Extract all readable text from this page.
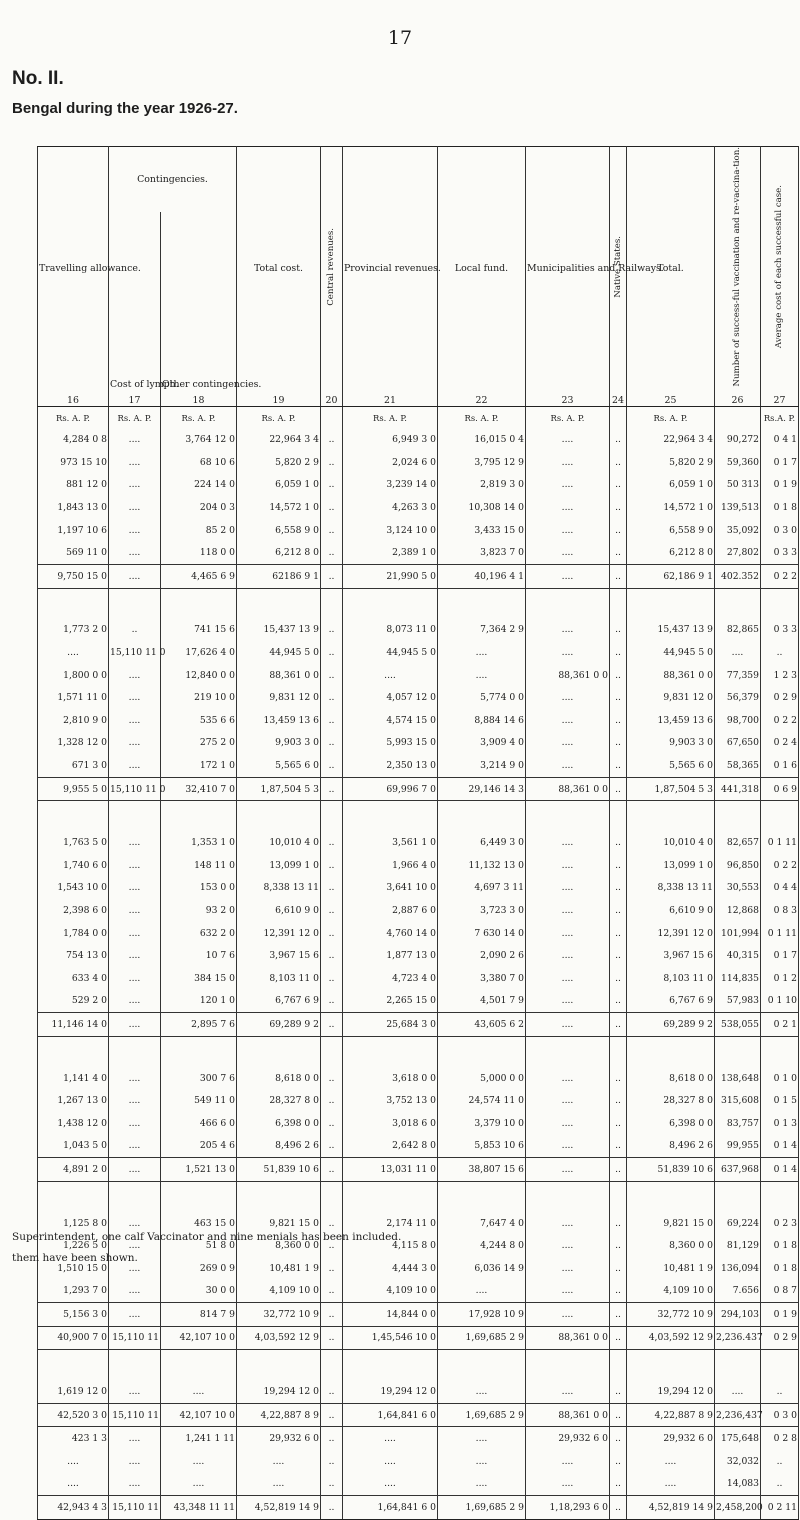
17
No. II.
Bengal during the year 1926-27.
Travelling allowance.	Contingencies.		Total cost.	Central revenues.	Provincial revenues.	Local fund.	Municipalities and Railways.	Native States.	Total.	Number of success-ful vaccination and re-vaccina-tion.	Average cost of each successful case.
	Cost of lymph.	Other contingencies.									
16	17	18	19	20	21	22	23	24	25	26	27
Rs. A. P.	Rs. A. P.	Rs. A. P.	Rs. A. P.		Rs. A. P.	Rs. A. P.	Rs. A. P.		Rs. A. P.		Rs.A. P.
4,284 0 8	....	3,764 12 0	22,964 3 4	..	6,949 3 0	16,015 0 4	....	..	22,964 3 4	90,272	0 4 1
973 15 10	....	68 10 6	5,820 2 9	..	2,024 6 0	3,795 12 9	....	..	5,820 2 9	59,360	0 1 7
881 12 0	....	224 14 0	6,059 1 0	..	3,239 14 0	2,819 3 0	....	..	6,059 1 0	50 313	0 1 9
1,843 13 0	....	204 0 3	14,572 1 0	..	4,263 3 0	10,308 14 0	....	..	14,572 1 0	139,513	0 1 8
1,197 10 6	....	85 2 0	6,558 9 0	..	3,124 10 0	3,433 15 0	....	..	6,558 9 0	35,092	0 3 0
569 11 0	....	118 0 0	6,212 8 0	..	2,389 1 0	3,823 7 0	....	..	6,212 8 0	27,802	0 3 3
9,750 15 0	....	4,465 6 9	62186 9 1	..	21,990 5 0	40,196 4 1	....	..	62,186 9 1	402.352	0 2 2

1,773 2 0	..	741 15 6	15,437 13 9	..	8,073 11 0	7,364 2 9	....	..	15,437 13 9	82,865	0 3 3
....	15,110 11 0	17,626 4 0	44,945 5 0	..	44,945 5 0	....	....	..	44,945 5 0	....	..
1,800 0 0	....	12,840 0 0	88,361 0 0	..	....	....	88,361 0 0	..	88,361 0 0	77,359	1 2 3
1,571 11 0	....	219 10 0	9,831 12 0	..	4,057 12 0	5,774 0 0	....	..	9,831 12 0	56,379	0 2 9
2,810 9 0	....	535 6 6	13,459 13 6	..	4,574 15 0	8,884 14 6	....	..	13,459 13 6	98,700	0 2 2
1,328 12 0	....	275 2 0	9,903 3 0	..	5,993 15 0	3,909 4 0	....	..	9,903 3 0	67,650	0 2 4
671 3 0	....	172 1 0	5,565 6 0	..	2,350 13 0	3,214 9 0	....	..	5,565 6 0	58,365	0 1 6
9,955 5 0	15,110 11 0	32,410 7 0	1,87,504 5 3	..	69,996 7 0	29,146 14 3	88,361 0 0	..	1,87,504 5 3	441,318	0 6 9

1,763 5 0	....	1,353 1 0	10,010 4 0	..	3,561 1 0	6,449 3 0	....	..	10,010 4 0	82,657	0 1 11
1,740 6 0	....	148 11 0	13,099 1 0	..	1,966 4 0	11,132 13 0	....	..	13,099 1 0	96,850	0 2 2
1,543 10 0	....	153 0 0	8,338 13 11	..	3,641 10 0	4,697 3 11	....	..	8,338 13 11	30,553	0 4 4
2,398 6 0	....	93 2 0	6,610 9 0	..	2,887 6 0	3,723 3 0	....	..	6,610 9 0	12,868	0 8 3
1,784 0 0	....	632 2 0	12,391 12 0	..	4,760 14 0	7 630 14 0	....	..	12,391 12 0	101,994	0 1 11
754 13 0	....	10 7 6	3,967 15 6	..	1,877 13 0	2,090 2 6	....	..	3,967 15 6	40,315	0 1 7
633 4 0	....	384 15 0	8,103 11 0	..	4,723 4 0	3,380 7 0	....	..	8,103 11 0	114,835	0 1 2
529 2 0	....	120 1 0	6,767 6 9	..	2,265 15 0	4,501 7 9	....	..	6,767 6 9	57,983	0 1 10
11,146 14 0	....	2,895 7 6	69,289 9 2	..	25,684 3 0	43,605 6 2	....	..	69,289 9 2	538,055	0 2 1

1,141 4 0	....	300 7 6	8,618 0 0	..	3,618 0 0	5,000 0 0	....	..	8,618 0 0	138,648	0 1 0
1,267 13 0	....	549 11 0	28,327 8 0	..	3,752 13 0	24,574 11 0	....	..	28,327 8 0	315,608	0 1 5
1,438 12 0	....	466 6 0	6,398 0 0	..	3,018 6 0	3,379 10 0	....	..	6,398 0 0	83,757	0 1 3
1,043 5 0	....	205 4 6	8,496 2 6	..	2,642 8 0	5,853 10 6	....	..	8,496 2 6	99,955	0 1 4
4,891 2 0	....	1,521 13 0	51,839 10 6	..	13,031 11 0	38,807 15 6	....	..	51,839 10 6	637,968	0 1 4

1,125 8 0	....	463 15 0	9,821 15 0	..	2,174 11 0	7,647 4 0	....	..	9,821 15 0	69,224	0 2 3
1,226 5 0	....	51 8 0	8,360 0 0	..	4,115 8 0	4,244 8 0	....	..	8,360 0 0	81,129	0 1 8
1,510 15 0	....	269 0 9	10,481 1 9	..	4,444 3 0	6,036 14 9	....	..	10,481 1 9	136,094	0 1 8
1,293 7 0	....	30 0 0	4,109 10 0	..	4,109 10 0	....	....	..	4,109 10 0	7.656	0 8 7
5,156 3 0	....	814 7 9	32,772 10 9	..	14,844 0 0	17,928 10 9	....	..	32,772 10 9	294,103	0 1 9
40,900 7 0	15,110 11	42,107 10 0	4,03,592 12 9	..	1,45,546 10 0	1,69,685 2 9	88,361 0 0	..	4,03,592 12 9	2,236.437	0 2 9

1,619 12 0	....	....	19,294 12 0	..	19,294 12 0	....	....	..	19,294 12 0	....	..
42,520 3 0	15,110 11	42,107 10 0	4,22,887 8 9	..	1,64,841 6 0	1,69,685 2 9	88,361 0 0	..	4,22,887 8 9	2,236,437	0 3 0
423 1 3	....	1,241 1 11	29,932 6 0	..	....	....	29,932 6 0	..	29,932 6 0	175,648	0 2 8
....	....	....	....	..	....	....	....	..	....	32,032	..
....	....	....	....	..	....	....	....	..	....	14,083	..
42,943 4 3	15,110 11	43,348 11 11	4,52,819 14 9	..	1,64,841 6 0	1,69,685 2 9	1,18,293 6 0	..	4,52,819 14 9	2,458,200	0 2 11
Superintendent, one calf Vaccinator and nine menials has been included.
them have been shown.
